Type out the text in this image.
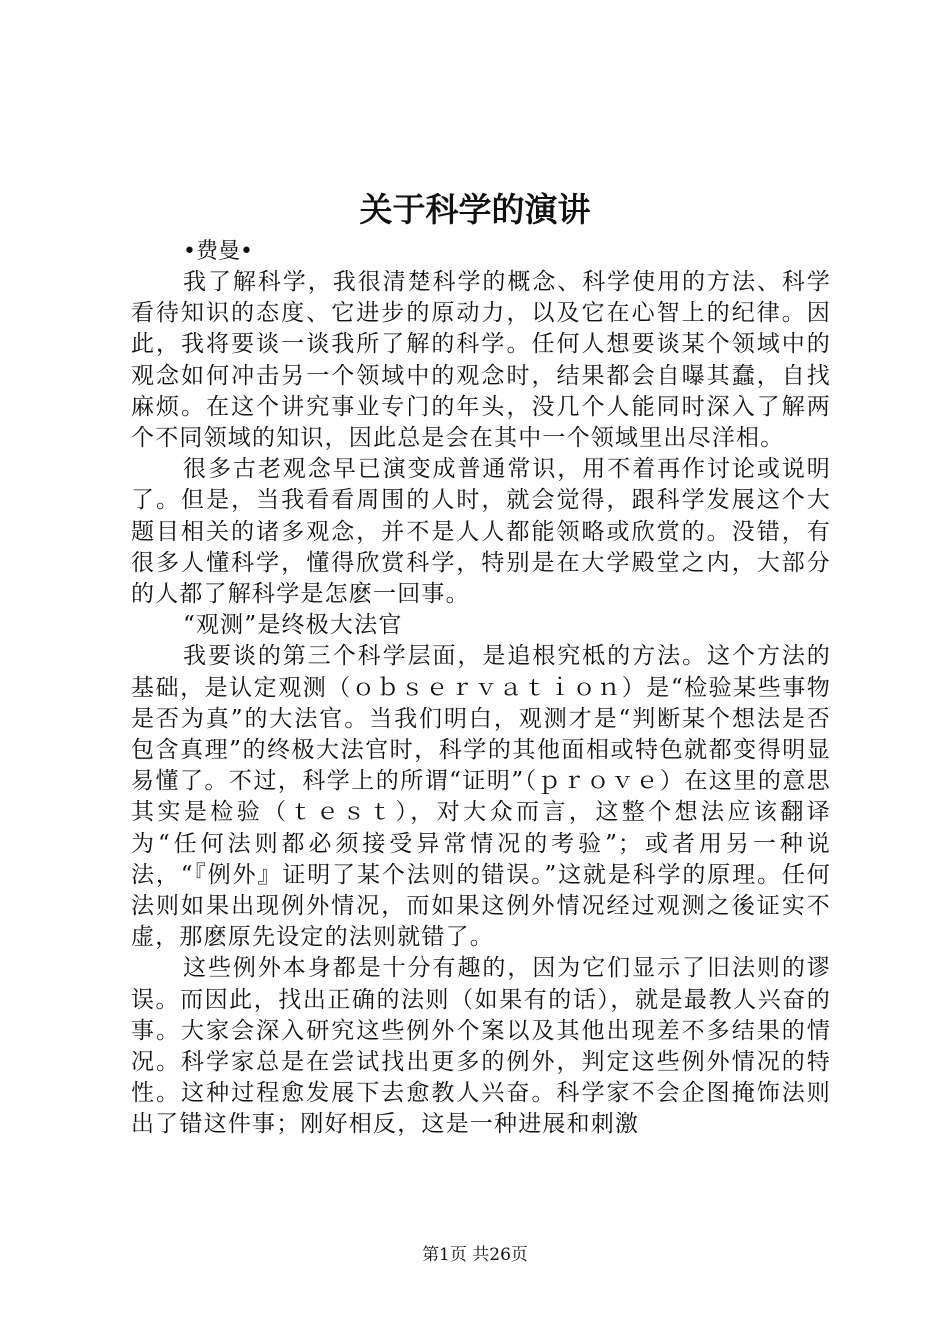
关于科学的演讲
•费曼•

我了解科学，我很清楚科学的概念、科学使用的方法、科学看待知识的态度、它进步的原动力，以及它在心智上的纪律。因此，我将要谈一谈我所了解的科学。任何人想要谈某个领域中的观念如何冲击另一个领域中的观念时，结果都会自曝其蠢，自找麻烦。在这个讲究事业专门的年头，没几个人能同时深入了解两个不同领域的知识，因此总是会在其中一个领域里出尽洋相。

很多古老观念早已演变成普通常识，用不着再作讨论或说明了。但是，当我看看周围的人时，就会觉得，跟科学发展这个大题目相关的诸多观念，并不是人人都能领略或欣赏的。没错，有很多人懂科学，懂得欣赏科学，特别是在大学殿堂之内，大部分的人都了解科学是怎麽一回事。

“观测”是终极大法官

我要谈的第三个科学层面，是追根究柢的方法。这个方法的基础，是认定观测（ｏｂｓｅｒｖａｔｉｏｎ）是“检验某些事物是否为真”的大法官。当我们明白，观测才是“判断某个想法是否包含真理”的终极大法官时，科学的其他面相或特色就都变得明显易懂了。不过，科学上的所谓“证明”（ｐｒｏｖｅ）在这里的意思其实是检验（ｔｅｓｔ），对大众而言，这整个想法应该翻译为“任何法则都必须接受异常情况的考验”；或者用另一种说法，“『例外』证明了某个法则的错误。”这就是科学的原理。任何法则如果出现例外情况，而如果这例外情况经过观测之後证实不虚，那麽原先设定的法则就错了。

这些例外本身都是十分有趣的，因为它们显示了旧法则的谬误。而因此，找出正确的法则（如果有的话），就是最教人兴奋的事。大家会深入研究这些例外个案以及其他出现差不多结果的情况。科学家总是在尝试找出更多的例外，判定这些例外情况的特性。这种过程愈发展下去愈教人兴奋。科学家不会企图掩饰法则出了错这件事；刚好相反，这是一种进展和刺激

第1页 共26页
